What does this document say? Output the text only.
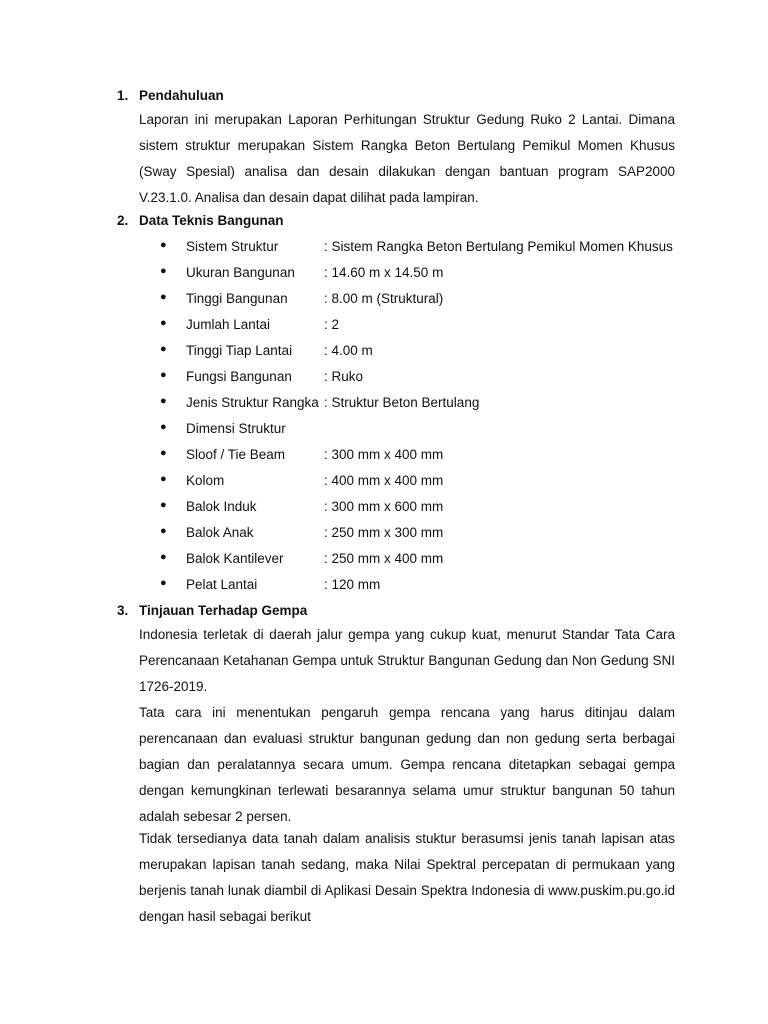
1. Pendahuluan

Laporan ini merupakan Laporan Perhitungan Struktur Gedung Ruko 2 Lantai. Dimana sistem struktur merupakan Sistem Rangka Beton Bertulang Pemikul Momen Khusus (Sway Spesial) analisa dan desain dilakukan dengan bantuan program SAP2000 V.23.1.0. Analisa dan desain dapat dilihat pada lampiran.

2. Data Teknis Bangunan
● Sistem Struktur	: Sistem Rangka Beton Bertulang Pemikul Momen Khusus
● Ukuran Bangunan : 14.60 m x 14.50 m
● Tinggi Bangunan	: 8.00 m (Struktural)
● Jumlah Lantai	: 2
● Tinggi Tiap Lantai : 4.00 m
● Fungsi Bangunan : Ruko
● Jenis Struktur Rangka : Struktur Beton Bertulang
● Dimensi Struktur
● Sloof / Tie Beam	: 300 mm x 400 mm
● Kolom	: 400 mm x 400 mm
● Balok Induk	: 300 mm x 600 mm
● Balok Anak	: 250 mm x 300 mm
● Balok Kantilever	: 250 mm x 400 mm
● Pelat Lantai	: 120 mm
3. Tinjauan Terhadap Gempa

Indonesia terletak di daerah jalur gempa yang cukup kuat, menurut Standar Tata Cara Perencanaan Ketahanan Gempa untuk Struktur Bangunan Gedung dan Non Gedung SNI 1726-2019.

Tata cara ini menentukan pengaruh gempa rencana yang harus ditinjau dalam perencanaan dan evaluasi struktur bangunan gedung dan non gedung serta berbagai bagian dan peralatannya secara umum. Gempa rencana ditetapkan sebagai gempa dengan kemungkinan terlewati besarannya selama umur struktur bangunan 50 tahun adalah sebesar 2 persen.

Tidak tersedianya data tanah dalam analisis stuktur berasumsi jenis tanah lapisan atas merupakan lapisan tanah sedang, maka Nilai Spektral percepatan di permukaan yang berjenis tanah lunak diambil di Aplikasi Desain Spektra Indonesia di www.puskim.pu.go.id dengan hasil sebagai berikut
